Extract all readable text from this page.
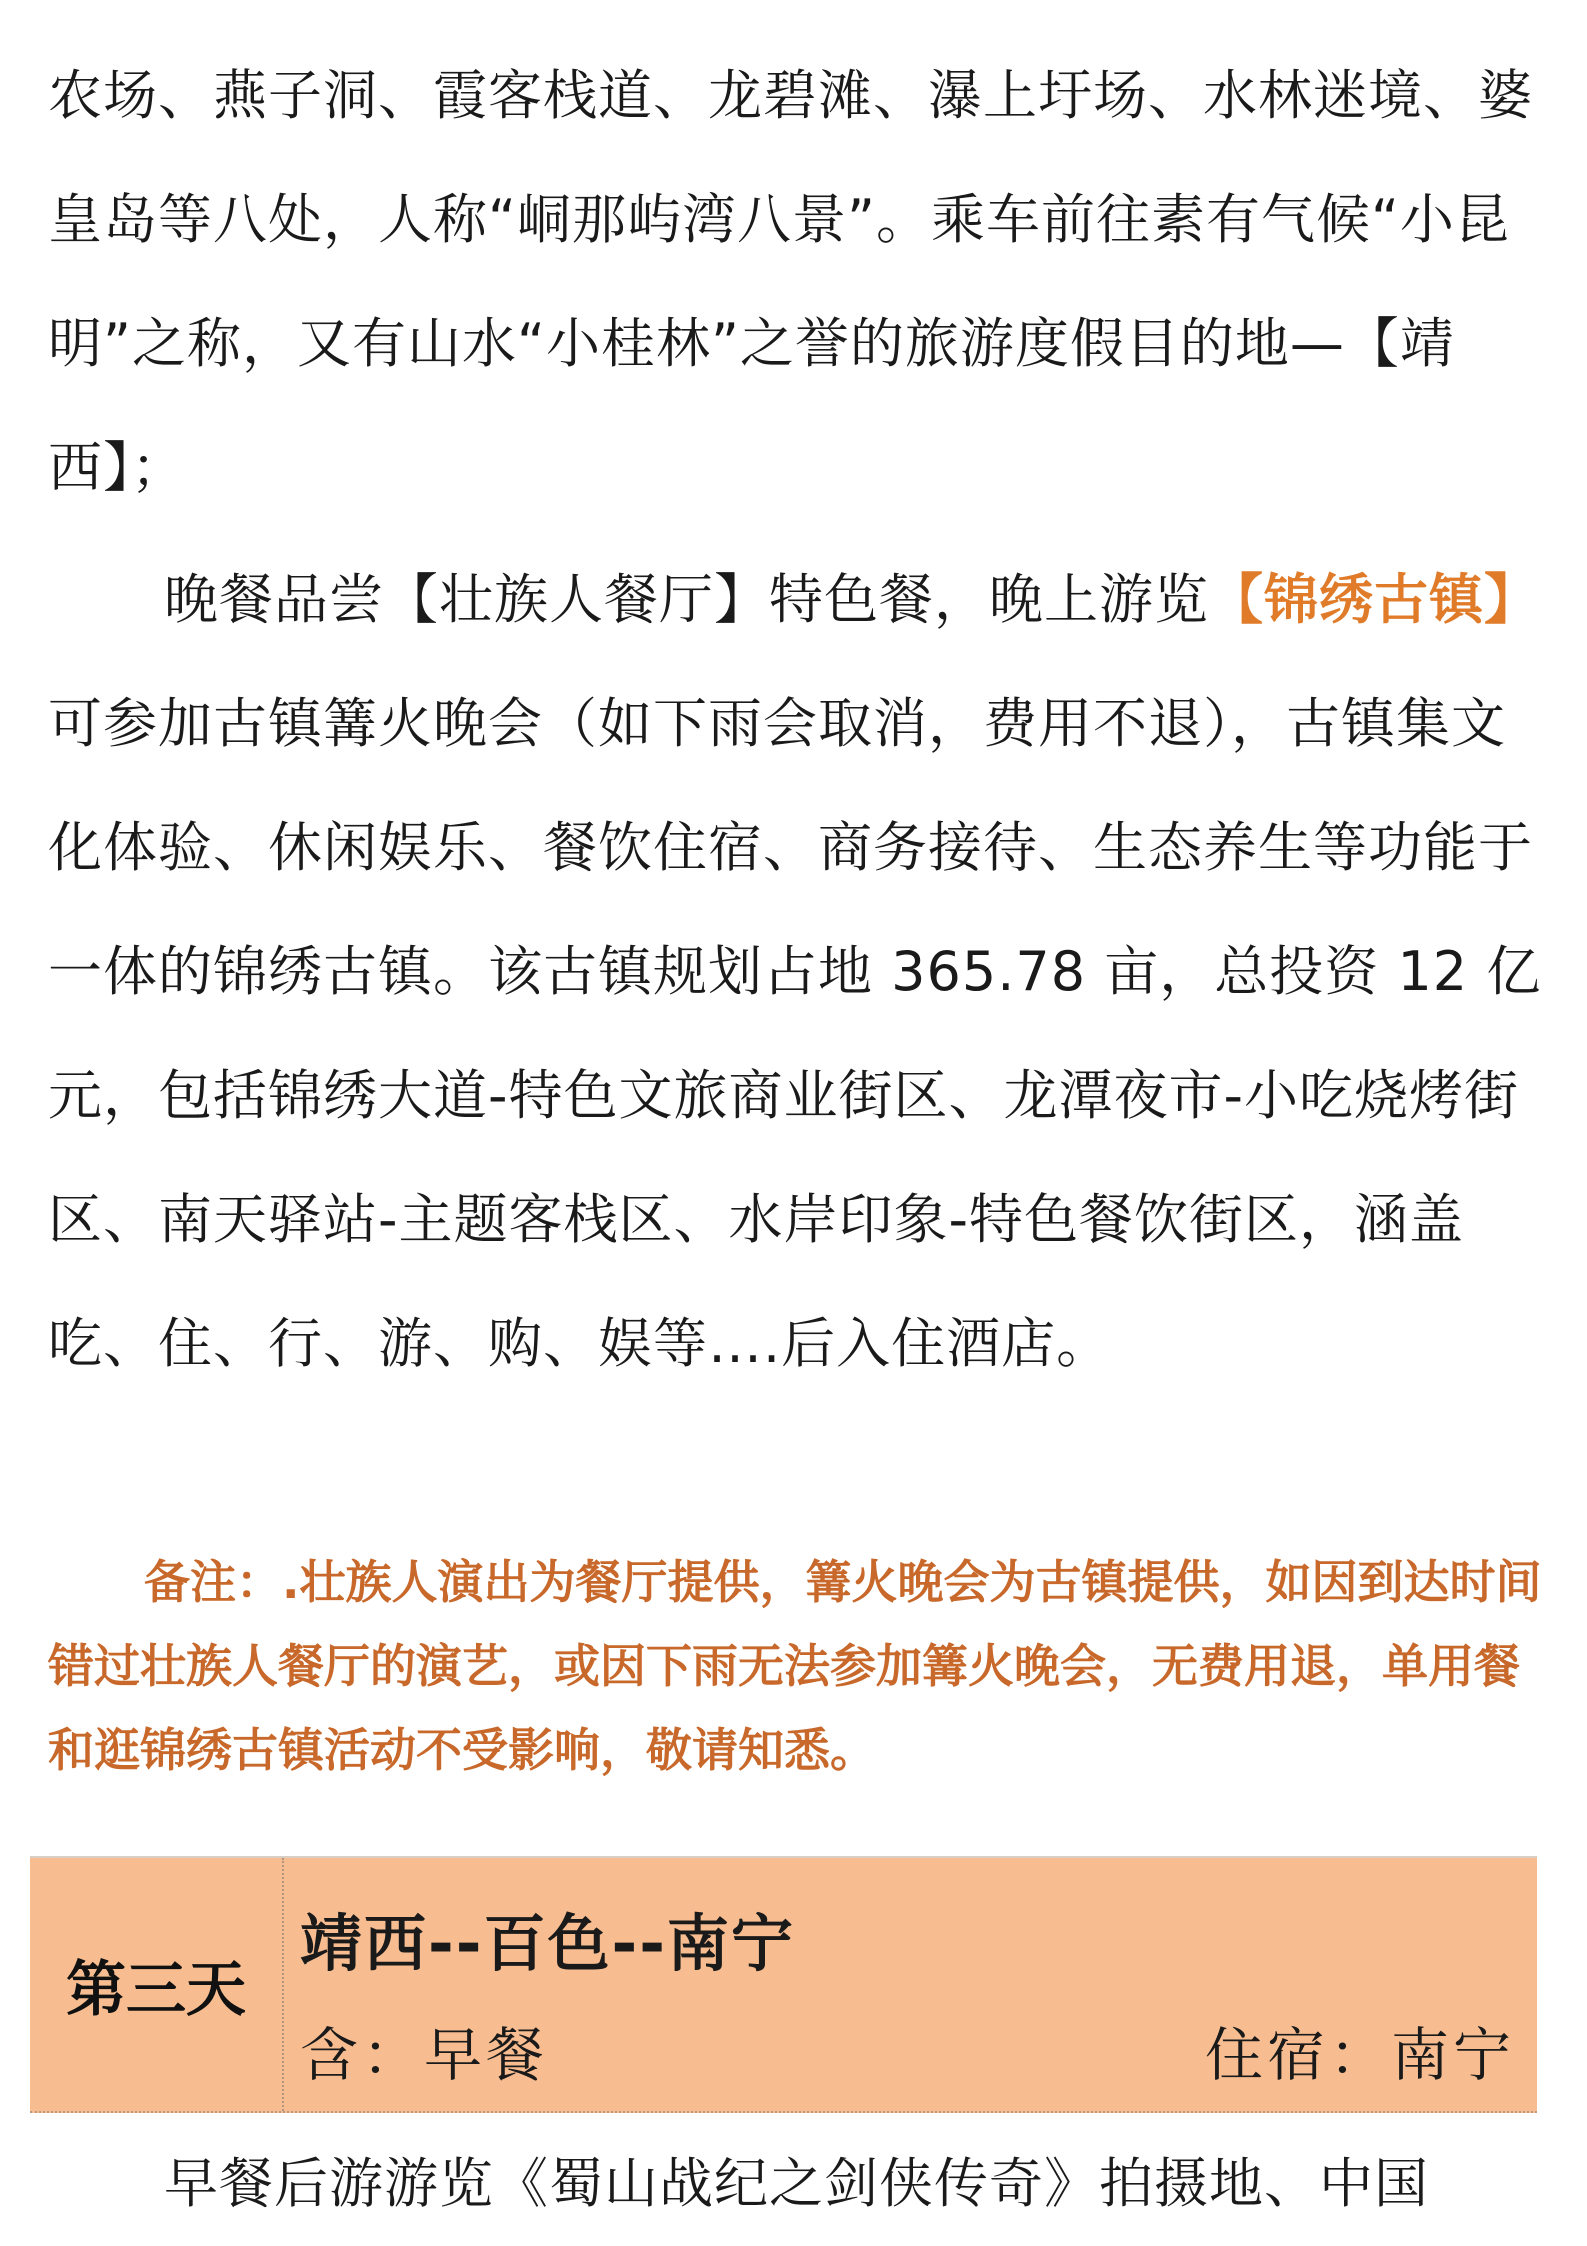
农场、燕子洞、霞客栈道、龙碧滩、瀑上圩场、水林迷境、婆皇岛等八处，人称“峒那屿湾八景”。乘车前往素有气候“小昆明”之称，又有山水“小桂林”之誉的旅游度假目的地—【靖西】；

晚餐品尝【壮族人餐厅】特色餐，晚上游览【锦绣古镇】可参加古镇篝火晚会（如下雨会取消，费用不退），古镇集文化体验、休闲娱乐、餐饮住宿、商务接待、生态养生等功能于一体的锦绣古镇。该古镇规划占地 365.78 亩，总投资 12 亿元，包括锦绣大道-特色文旅商业街区、龙潭夜市-小吃烧烤街区、南天驿站-主题客栈区、水岸印象-特色餐饮街区，涵盖吃、住、行、游、购、娱等….后入住酒店。

备注：.壮族人演出为餐厅提供，篝火晚会为古镇提供，如因到达时间错过壮族人餐厅的演艺，或因下雨无法参加篝火晚会，无费用退，单用餐和逛锦绣古镇活动不受影响，敬请知悉。

第三天
靖西--百色--南宁
含：早餐	住宿：南宁

早餐后游游览《蜀山战纪之剑侠传奇》拍摄地、中国
